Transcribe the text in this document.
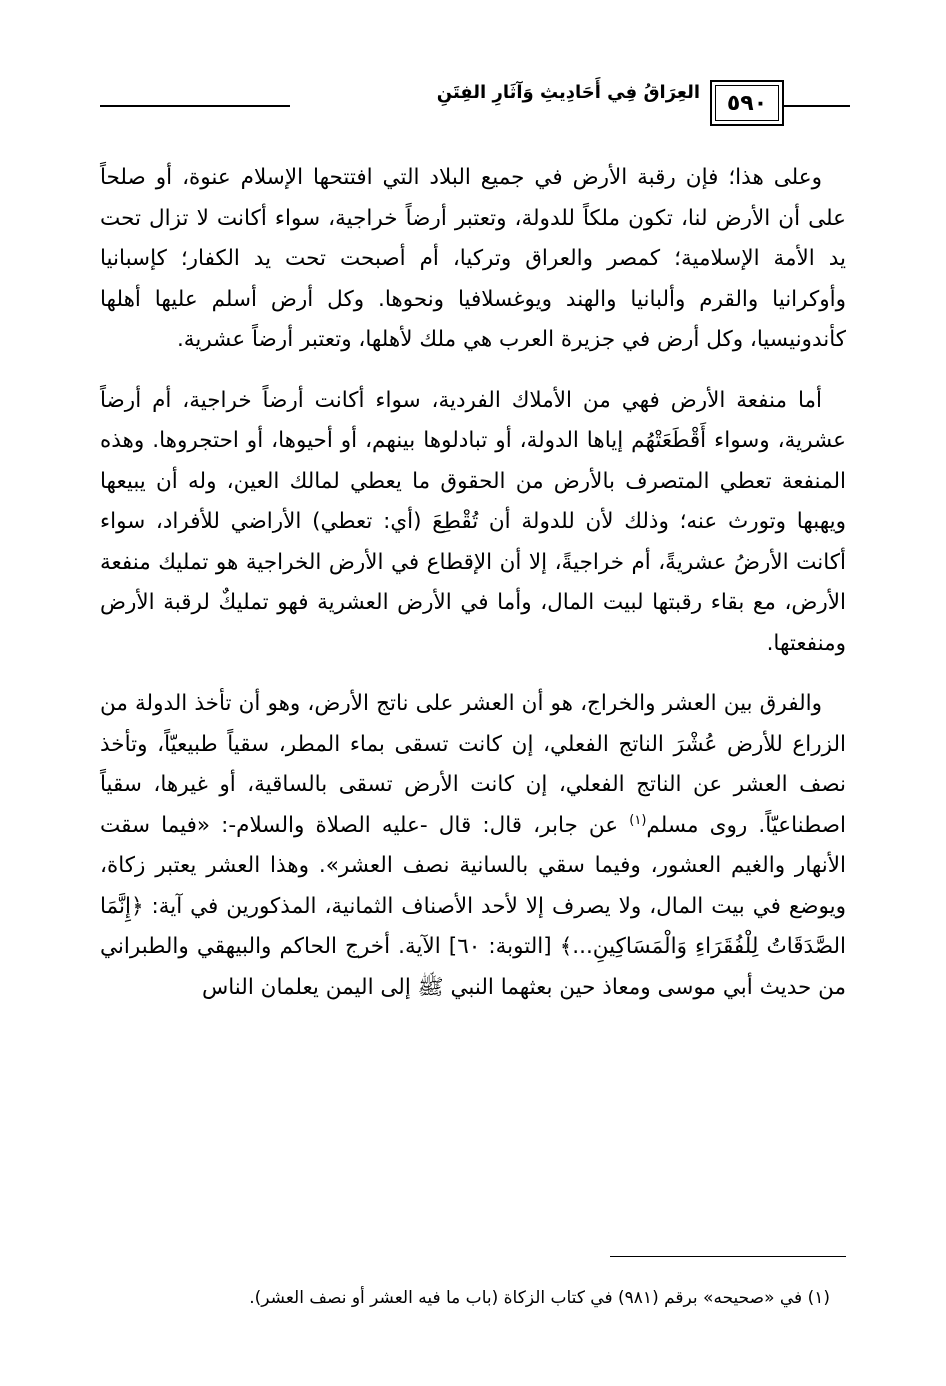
٥٩٠
العِرَاقُ فِي أَحَادِيثِ وَآثَارِ الفِتَنِ

وعلى هذا؛ فإن رقبة الأرض في جميع البلاد التي افتتحها الإسلام عنوة، أو صلحاً على أن الأرض لنا، تكون ملكاً للدولة، وتعتبر أرضاً خراجية، سواء أكانت لا تزال تحت يد الأمة الإسلامية؛ كمصر والعراق وتركيا، أم أصبحت تحت يد الكفار؛ كإسبانيا وأوكرانيا والقرم وألبانيا والهند ويوغسلافيا ونحوها. وكل أرض أسلم عليها أهلها كأندونيسيا، وكل أرض في جزيرة العرب هي ملك لأهلها، وتعتبر أرضاً عشرية.

أما منفعة الأرض فهي من الأملاك الفردية، سواء أكانت أرضاً خراجية، أم أرضاً عشرية، وسواء أَقْطَعَتْهُم إياها الدولة، أو تبادلوها بينهم، أو أحيوها، أو احتجروها. وهذه المنفعة تعطي المتصرف بالأرض من الحقوق ما يعطي لمالك العين، وله أن يبيعها ويهبها وتورث عنه؛ وذلك لأن للدولة أن تُقْطِعَ (أي: تعطي) الأراضي للأفراد، سواء أكانت الأرضُ عشريةً، أم خراجيةً، إلا أن الإقطاع في الأرض الخراجية هو تمليك منفعة الأرض، مع بقاء رقبتها لبيت المال، وأما في الأرض العشرية فهو تمليكٌ لرقبة الأرض ومنفعتها.

والفرق بين العشر والخراج، هو أن العشر على ناتج الأرض، وهو أن تأخذ الدولة من الزراع للأرض عُشْرَ الناتج الفعلي، إن كانت تسقى بماء المطر، سقياً طبيعيّاً، وتأخذ نصف العشر عن الناتج الفعلي، إن كانت الأرض تسقى بالساقية، أو غيرها، سقياً اصطناعيّاً. روى مسلم$^{(١)}$ عن جابر، قال: قال -عليه الصلاة والسلام-: «فيما سقت الأنهار والغيم العشور، وفيما سقي بالسانية نصف العشر». وهذا العشر يعتبر زكاة، ويوضع في بيت المال، ولا يصرف إلا لأحد الأصناف الثمانية، المذكورين في آية: ﴿إِنَّمَا الصَّدَقَاتُ لِلْفُقَرَاءِ وَالْمَسَاكِينِ...﴾ [التوبة: ٦٠] الآية. أخرج الحاكم والبيهقي والطبراني من حديث أبي موسى ومعاذ حين بعثهما النبي ﷺ إلى اليمن يعلمان الناس

(١) في «صحيحه» برقم (٩٨١) في كتاب الزكاة (باب ما فيه العشر أو نصف العشر).
